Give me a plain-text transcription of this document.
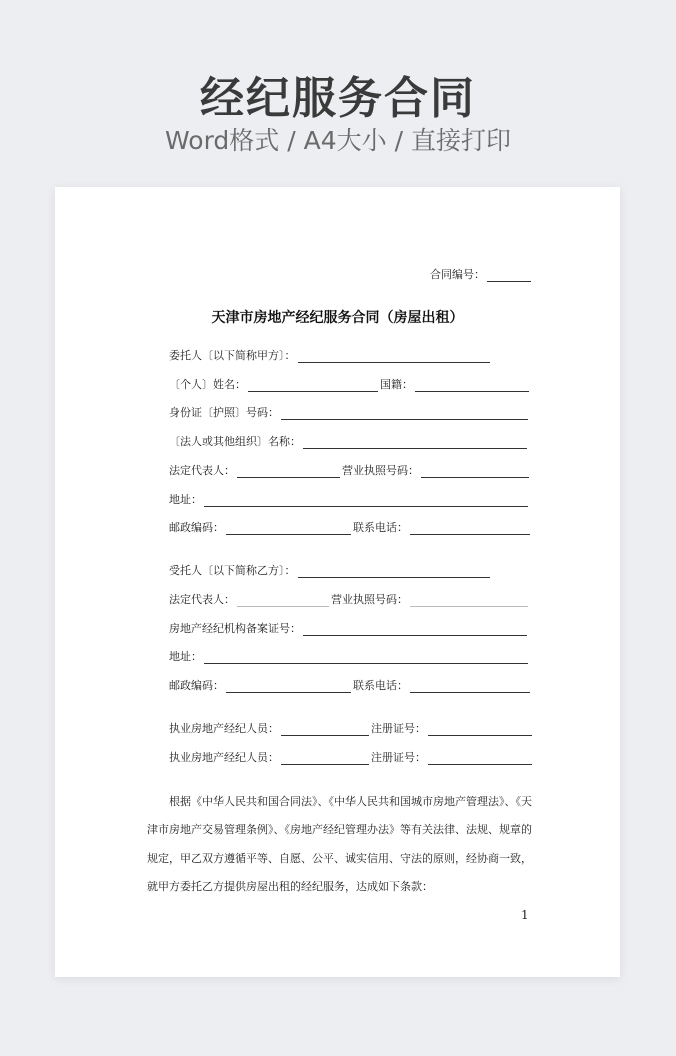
经纪服务合同
Word格式 / A4大小 / 直接打印
合同编号：
天津市房地产经纪服务合同（房屋出租）
委托人〔以下简称甲方〕：
〔个人〕姓名：	国籍：
身份证〔护照〕号码：
〔法人或其他组织〕名称：
法定代表人：	营业执照号码：
地址：
邮政编码：	联系电话：
受托人〔以下简称乙方〕：
法定代表人：	营业执照号码：
房地产经纪机构备案证号：
地址：
邮政编码：	联系电话：
执业房地产经纪人员：	注册证号：
执业房地产经纪人员：	注册证号：
根据《中华人民共和国合同法》、《中华人民共和国城市房地产管理法》、《天
津市房地产交易管理条例》、《房地产经纪管理办法》等有关法律、法规、规章的
规定，甲乙双方遵循平等、自愿、公平、诚实信用、守法的原则，经协商一致，
就甲方委托乙方提供房屋出租的经纪服务，达成如下条款：
1
